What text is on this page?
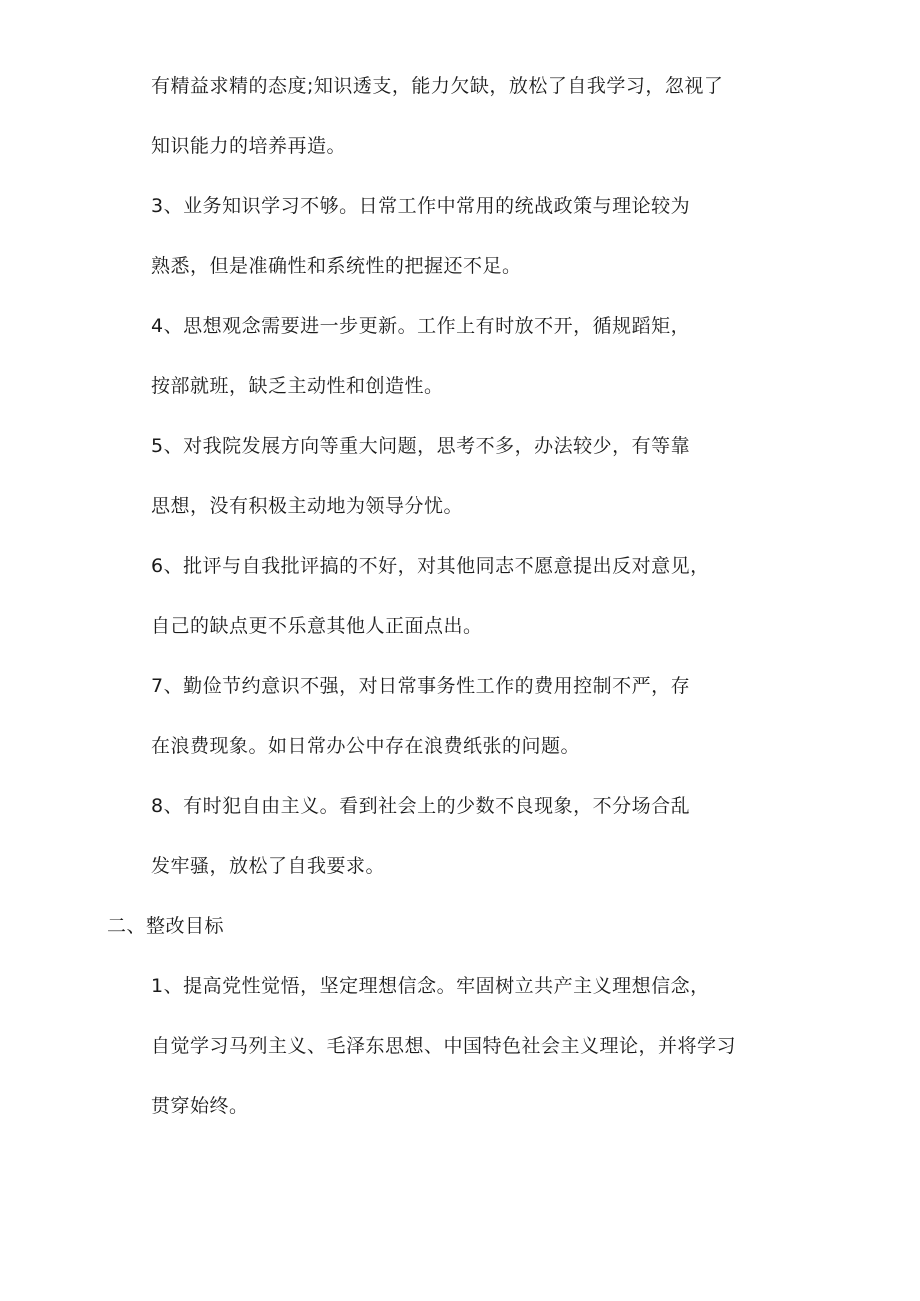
有精益求精的态度;知识透支，能力欠缺，放松了自我学习，忽视了
知识能力的培养再造。
3、业务知识学习不够。日常工作中常用的统战政策与理论较为
熟悉，但是准确性和系统性的把握还不足。
4、思想观念需要进一步更新。工作上有时放不开，循规蹈矩，
按部就班，缺乏主动性和创造性。
5、对我院发展方向等重大问题，思考不多，办法较少，有等靠
思想，没有积极主动地为领导分忧。
6、批评与自我批评搞的不好，对其他同志不愿意提出反对意见，
自己的缺点更不乐意其他人正面点出。
7、勤俭节约意识不强，对日常事务性工作的费用控制不严，存
在浪费现象。如日常办公中存在浪费纸张的问题。
8、有时犯自由主义。看到社会上的少数不良现象，不分场合乱
发牢骚，放松了自我要求。
二、整改目标
1、提高党性觉悟，坚定理想信念。牢固树立共产主义理想信念，
自觉学习马列主义、毛泽东思想、中国特色社会主义理论，并将学习
贯穿始终。
